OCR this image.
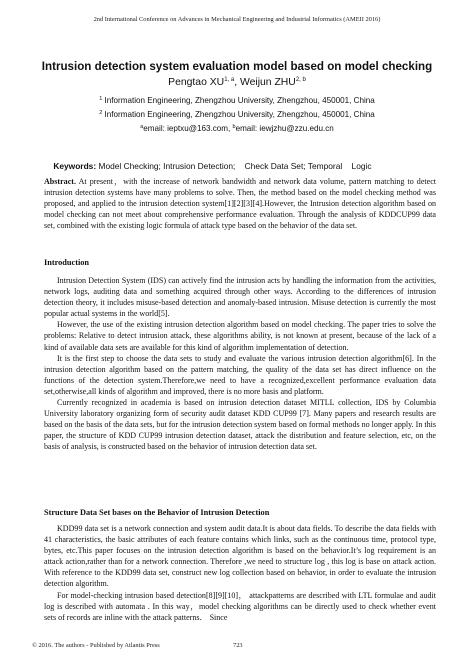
2nd International Conference on Advances in Mechanical Engineering and Industrial Informatics (AMEII 2016)
Intrusion detection system evaluation model based on model checking
Pengtao XU$^{1, a}$, Weijun ZHU$^{2, b}$
$^1$ Information Engineering, Zhengzhou University, Zhengzhou, 450001, China
$^2$ Information Engineering, Zhengzhou University, Zhengzhou, 450001, China
$^a$email: ieptxu@163.com, $^b$email: iewjzhu@zzu.edu.cn

Keywords: Model Checking; Intrusion Detection;    Check Data Set; Temporal    Logic

Abstract. At present，with the increase of network bandwidth and network data volume, pattern matching to detect intrusion detection systems have many problems to solve. Then, the method based on the model checking method was proposed, and applied to the intrusion detection system[1][2][3][4].However, the Intrusion detection algorithm based on model checking can not meet about comprehensive performance evaluation. Through the analysis of KDDCUP99 data set, combined with the existing logic formula of attack type based on the behavior of the data set.

Introduction

Intrusion Detection System (IDS) can actively find the intrusion acts by handling the information from the activities, network logs, auditing data and something acquired through other ways. According to the differences of intrusion detection theory, it includes misuse-based detection and anomaly-based intrusion. Misuse detection is currently the most popular actual systems in the world[5].

However, the use of the existing intrusion detection algorithm based on model checking. The paper tries to solve the problems: Relative to detect intrusion attack, these algorithms ability, is not known at present, because of the lack of a kind of available data sets are available for this kind of algorithm implementation of detection.

It is the first step to choose the data sets to study and evaluate the various intrusion detection algorithm[6]. In the intrusion detection algorithm based on the pattern matching, the quality of the data set has direct influence on the functions of the detection system.Therefore,we need to have a recognized,excellent performance evaluation data set,otherwise,all kinds of algorithm and improved, there is no more basis and platform.

Currently recognized in academia is based on intrusion detection dataset MITLL collection, IDS by Columbia University laboratory organizing form of security audit dataset KDD CUP99 [7]. Many papers and research results are based on the basis of the data sets, but for the intrusion detection system based on formal methods no longer apply. In this paper, the structure of KDD CUP99 intrusion detection dataset, attack the distribution and feature selection, etc, on the basis of analysis, is constructed based on the behavior of intrusion detection data set.

Structure Data Set bases on the Behavior of Intrusion Detection

KDD99 data set is a network connection and system audit data.It is about data fields. To describe the data fields with 41 characteristics, the basic attributes of each feature contains which links, such as the continuous time, protocol type, bytes, etc.This paper focuses on the intrusion detection algorithm is based on the behavior.It’s log requirement is an attack action,rather than for a network connection. Therefore ,we need to structure log , this log is base on attack action. With reference to the KDD99 data set, construct new log collection based on behavior, in order to evaluate the intrusion detection algorithm.

For model-checking intrusion based detection[8][9][10]， attackpatterns are described with LTL formulae and audit log is described with automata . In this way，model checking algorithms can be directly used to check whether event sets of records are inline with the attack patterns． Since

© 2016. The authors - Published by Atlantis Press	723
